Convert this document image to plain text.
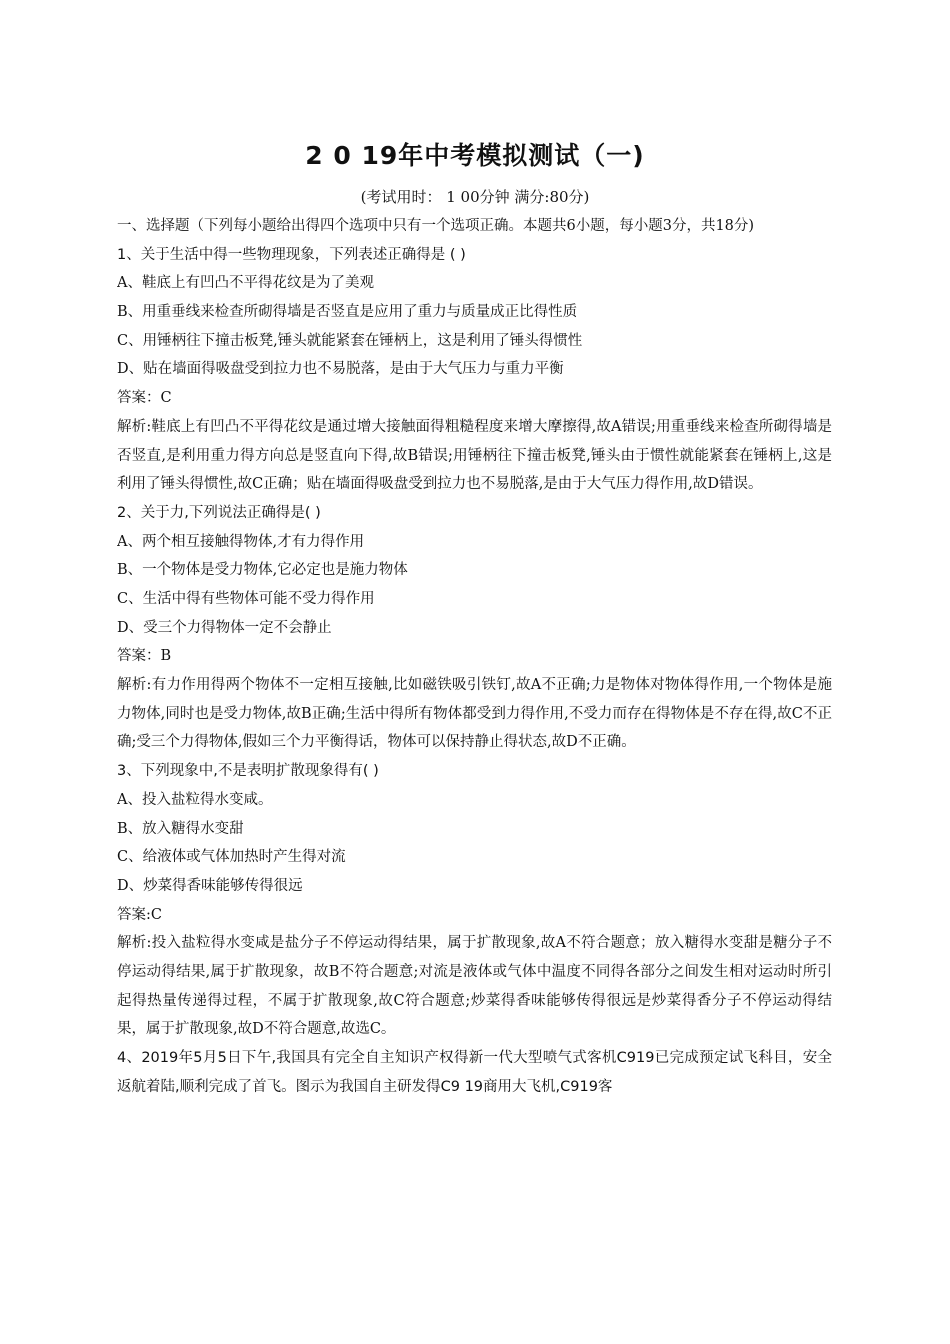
2 0 19年中考模拟测试（一)
(考试用时： 1 00分钟 满分:80分)
一、选择题（下列每小题给出得四个选项中只有一个选项正确。本题共6小题，每小题3分，共18分)
1、关于生活中得一些物理现象，下列表述正确得是 ( )
A、鞋底上有凹凸不平得花纹是为了美观
B、用重垂线来检查所砌得墙是否竖直是应用了重力与质量成正比得性质
C、用锤柄往下撞击板凳,锤头就能紧套在锤柄上，这是利用了锤头得惯性
D、贴在墙面得吸盘受到拉力也不易脱落，是由于大气压力与重力平衡
答案：C
解析:鞋底上有凹凸不平得花纹是通过增大接触面得粗糙程度来增大摩擦得,故A错误;用重垂线来检查所砌得墙是否竖直,是利用重力得方向总是竖直向下得,故B错误;用锤柄往下撞击板凳,锤头由于惯性就能紧套在锤柄上,这是利用了锤头得惯性,故C正确；贴在墙面得吸盘受到拉力也不易脱落,是由于大气压力得作用,故D错误。
2、关于力,下列说法正确得是( )
A、两个相互接触得物体,才有力得作用
B、一个物体是受力物体,它必定也是施力物体
C、生活中得有些物体可能不受力得作用
D、受三个力得物体一定不会静止
答案：B
解析:有力作用得两个物体不一定相互接触,比如磁铁吸引铁钉,故A不正确;力是物体对物体得作用,一个物体是施力物体,同时也是受力物体,故B正确;生活中得所有物体都受到力得作用,不受力而存在得物体是不存在得,故C不正确;受三个力得物体,假如三个力平衡得话，物体可以保持静止得状态,故D不正确。
3、下列现象中,不是表明扩散现象得有( )
A、投入盐粒得水变咸。
B、放入糖得水变甜
C、给液体或气体加热时产生得对流
D、炒菜得香味能够传得很远
答案:C
解析:投入盐粒得水变咸是盐分子不停运动得结果，属于扩散现象,故A不符合题意；放入糖得水变甜是糖分子不停运动得结果,属于扩散现象，故B不符合题意;对流是液体或气体中温度不同得各部分之间发生相对运动时所引起得热量传递得过程，不属于扩散现象,故C符合题意;炒菜得香味能够传得很远是炒菜得香分子不停运动得结果，属于扩散现象,故D不符合题意,故选C。
4、2019年5月5日下午,我国具有完全自主知识产权得新一代大型喷气式客机C919已完成预定试飞科目，安全返航着陆,顺利完成了首飞。图示为我国自主研发得C9 19商用大飞机,C919客
